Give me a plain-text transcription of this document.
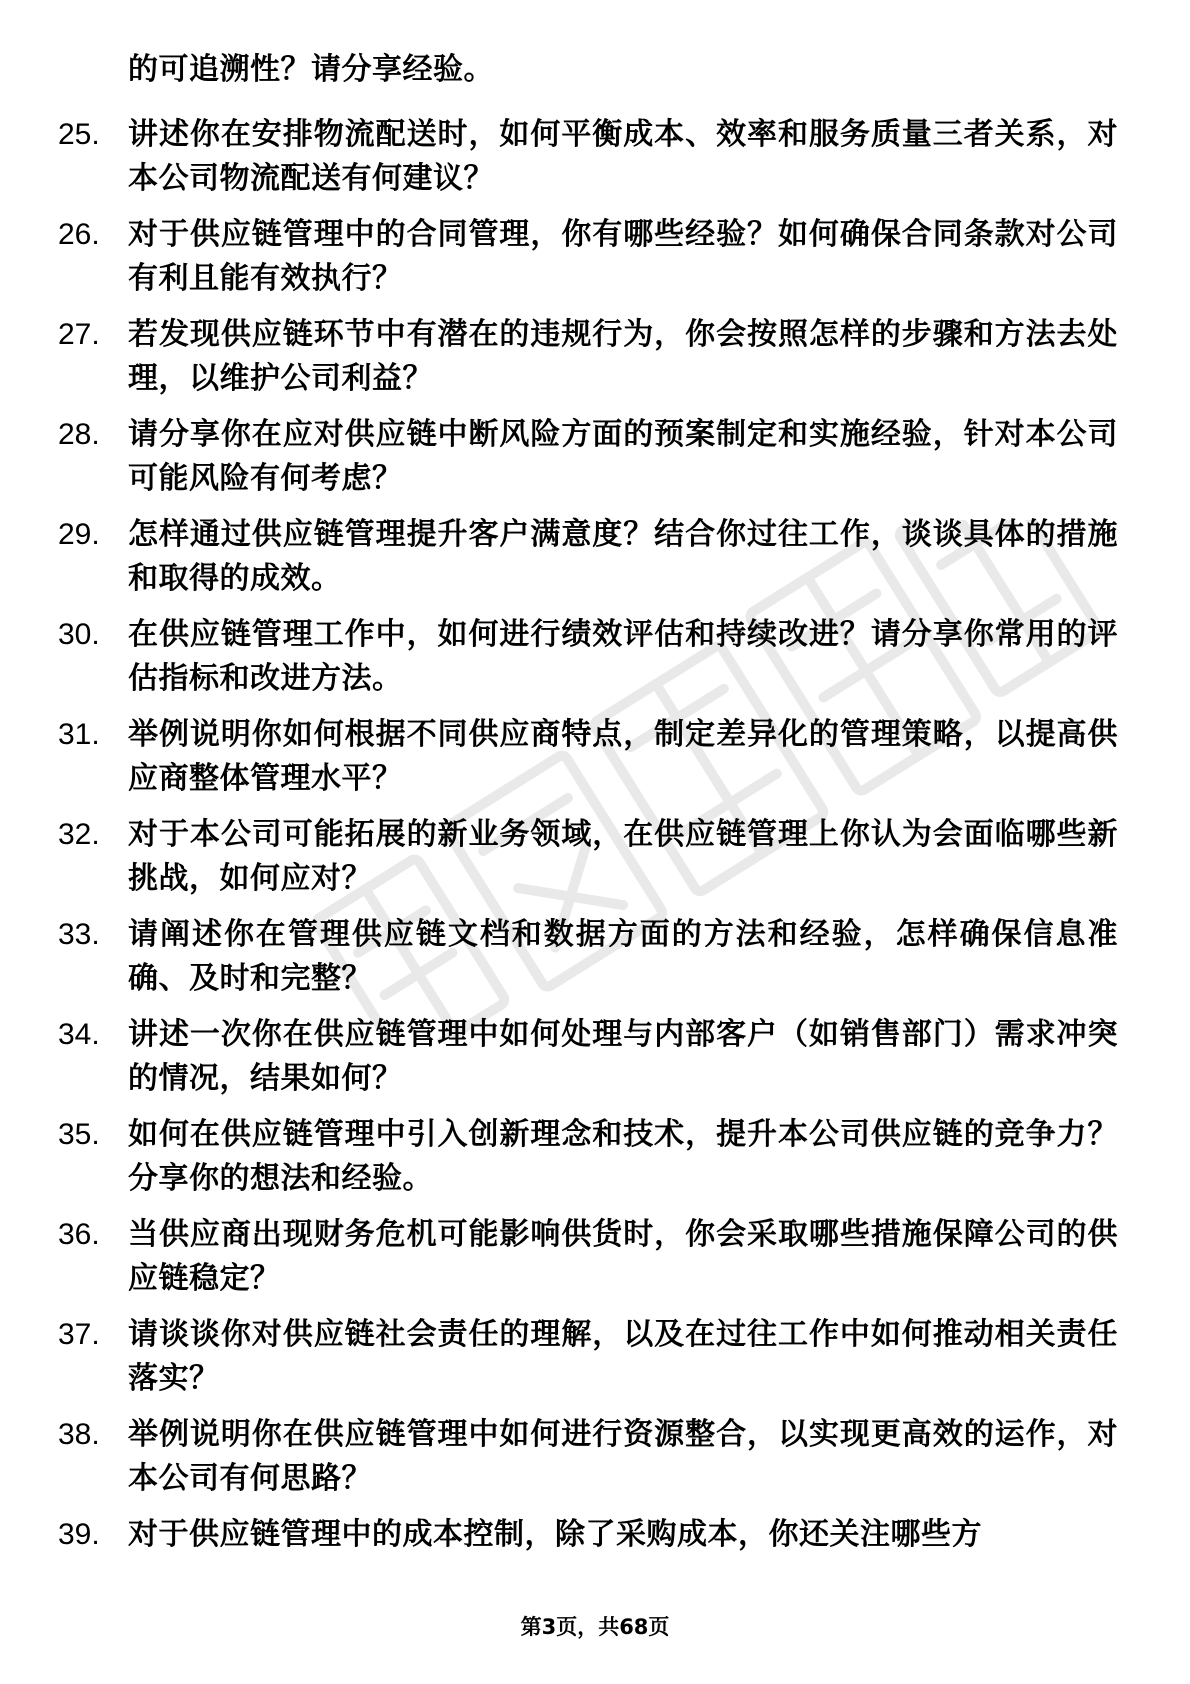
的可追溯性？请分享经验。
25. 讲述你在安排物流配送时，如何平衡成本、效率和服务质量三者关系，对本公司物流配送有何建议？
26. 对于供应链管理中的合同管理，你有哪些经验？如何确保合同条款对公司有利且能有效执行？
27. 若发现供应链环节中有潜在的违规行为，你会按照怎样的步骤和方法去处理，以维护公司利益？
28. 请分享你在应对供应链中断风险方面的预案制定和实施经验，针对本公司可能风险有何考虑？
29. 怎样通过供应链管理提升客户满意度？结合你过往工作，谈谈具体的措施和取得的成效。
30. 在供应链管理工作中，如何进行绩效评估和持续改进？请分享你常用的评估指标和改进方法。
31. 举例说明你如何根据不同供应商特点，制定差异化的管理策略，以提高供应商整体管理水平？
32. 对于本公司可能拓展的新业务领域，在供应链管理上你认为会面临哪些新挑战，如何应对？
33. 请阐述你在管理供应链文档和数据方面的方法和经验，怎样确保信息准确、及时和完整？
34. 讲述一次你在供应链管理中如何处理与内部客户（如销售部门）需求冲突的情况，结果如何？
35. 如何在供应链管理中引入创新理念和技术，提升本公司供应链的竞争力？分享你的想法和经验。
36. 当供应商出现财务危机可能影响供货时，你会采取哪些措施保障公司的供应链稳定？
37. 请谈谈你对供应链社会责任的理解，以及在过往工作中如何推动相关责任落实？
38. 举例说明你在供应链管理中如何进行资源整合，以实现更高效的运作，对本公司有何思路？
39. 对于供应链管理中的成本控制，除了采购成本，你还关注哪些方
第3页，共68页
